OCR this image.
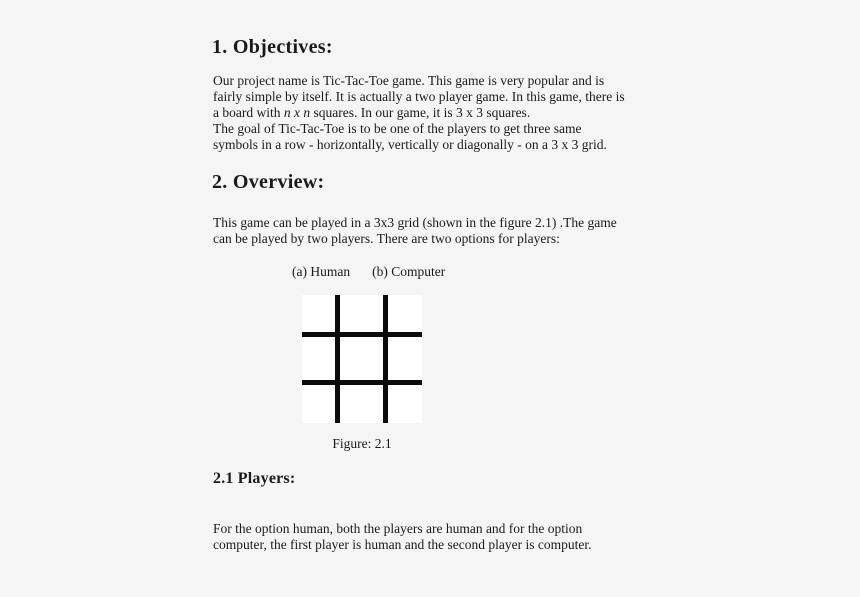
1. Objectives:
Our project name is Tic-Tac-Toe game. This game is very popular and is
fairly simple by itself. It is actually a two player game. In this game, there is
a board with n x n squares. In our game, it is 3 x 3 squares.
The goal of Tic-Tac-Toe is to be one of the players to get three same
symbols in a row - horizontally, vertically or diagonally - on a 3 x 3 grid.
2. Overview:
This game can be played in a 3x3 grid (shown in the figure 2.1) .The game
can be played by two players. There are two options for players:
(a) Human (b) Computer
Figure: 2.1
2.1 Players:
For the option human, both the players are human and for the option
computer, the first player is human and the second player is computer.
